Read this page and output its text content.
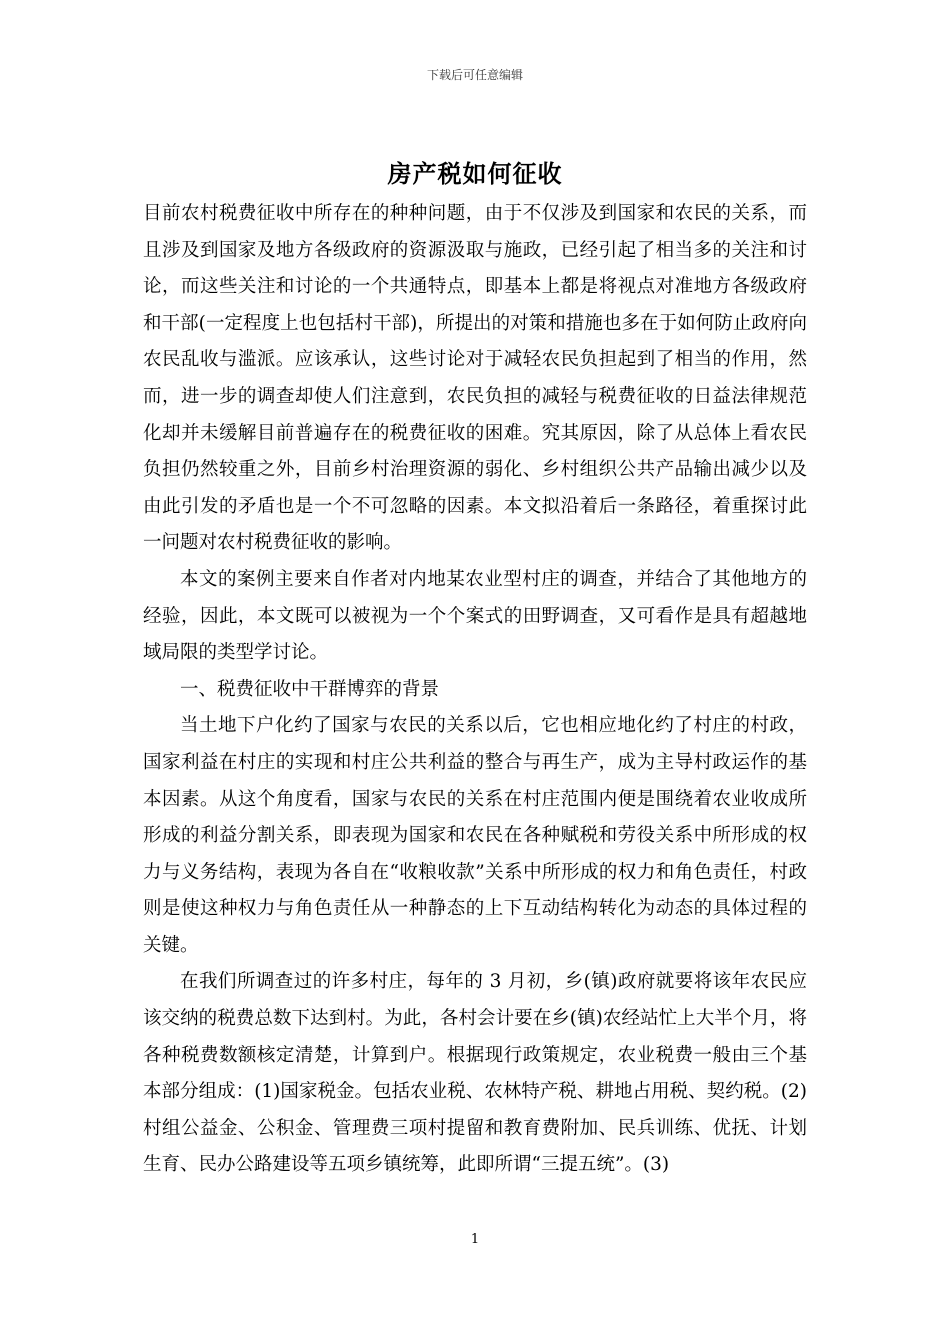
下载后可任意编辑
房产税如何征收

目前农村税费征收中所存在的种种问题，由于不仅涉及到国家和农民的关系，而且涉及到国家及地方各级政府的资源汲取与施政，已经引起了相当多的关注和讨论，而这些关注和讨论的一个共通特点，即基本上都是将视点对准地方各级政府和干部(一定程度上也包括村干部)，所提出的对策和措施也多在于如何防止政府向农民乱收与滥派。应该承认，这些讨论对于减轻农民负担起到了相当的作用，然而，进一步的调查却使人们注意到，农民负担的减轻与税费征收的日益法律规范化却并未缓解目前普遍存在的税费征收的困难。究其原因，除了从总体上看农民负担仍然较重之外，目前乡村治理资源的弱化、乡村组织公共产品输出减少以及由此引发的矛盾也是一个不可忽略的因素。本文拟沿着后一条路径，着重探讨此一问题对农村税费征收的影响。

本文的案例主要来自作者对内地某农业型村庄的调查，并结合了其他地方的经验，因此，本文既可以被视为一个个案式的田野调查，又可看作是具有超越地域局限的类型学讨论。

一、税费征收中干群博弈的背景

当土地下户化约了国家与农民的关系以后，它也相应地化约了村庄的村政，国家利益在村庄的实现和村庄公共利益的整合与再生产，成为主导村政运作的基本因素。从这个角度看，国家与农民的关系在村庄范围内便是围绕着农业收成所形成的利益分割关系，即表现为国家和农民在各种赋税和劳役关系中所形成的权力与义务结构，表现为各自在“收粮收款”关系中所形成的权力和角色责任，村政则是使这种权力与角色责任从一种静态的上下互动结构转化为动态的具体过程的关键。

在我们所调查过的许多村庄，每年的 3 月初，乡(镇)政府就要将该年农民应该交纳的税费总数下达到村。为此，各村会计要在乡(镇)农经站忙上大半个月，将各种税费数额核定清楚，计算到户。根据现行政策规定，农业税费一般由三个基本部分组成：(1)国家税金。包括农业税、农林特产税、耕地占用税、契约税。(2)村组公益金、公积金、管理费三项村提留和教育费附加、民兵训练、优抚、计划生育、民办公路建设等五项乡镇统筹，此即所谓“三提五统”。(3)

1
